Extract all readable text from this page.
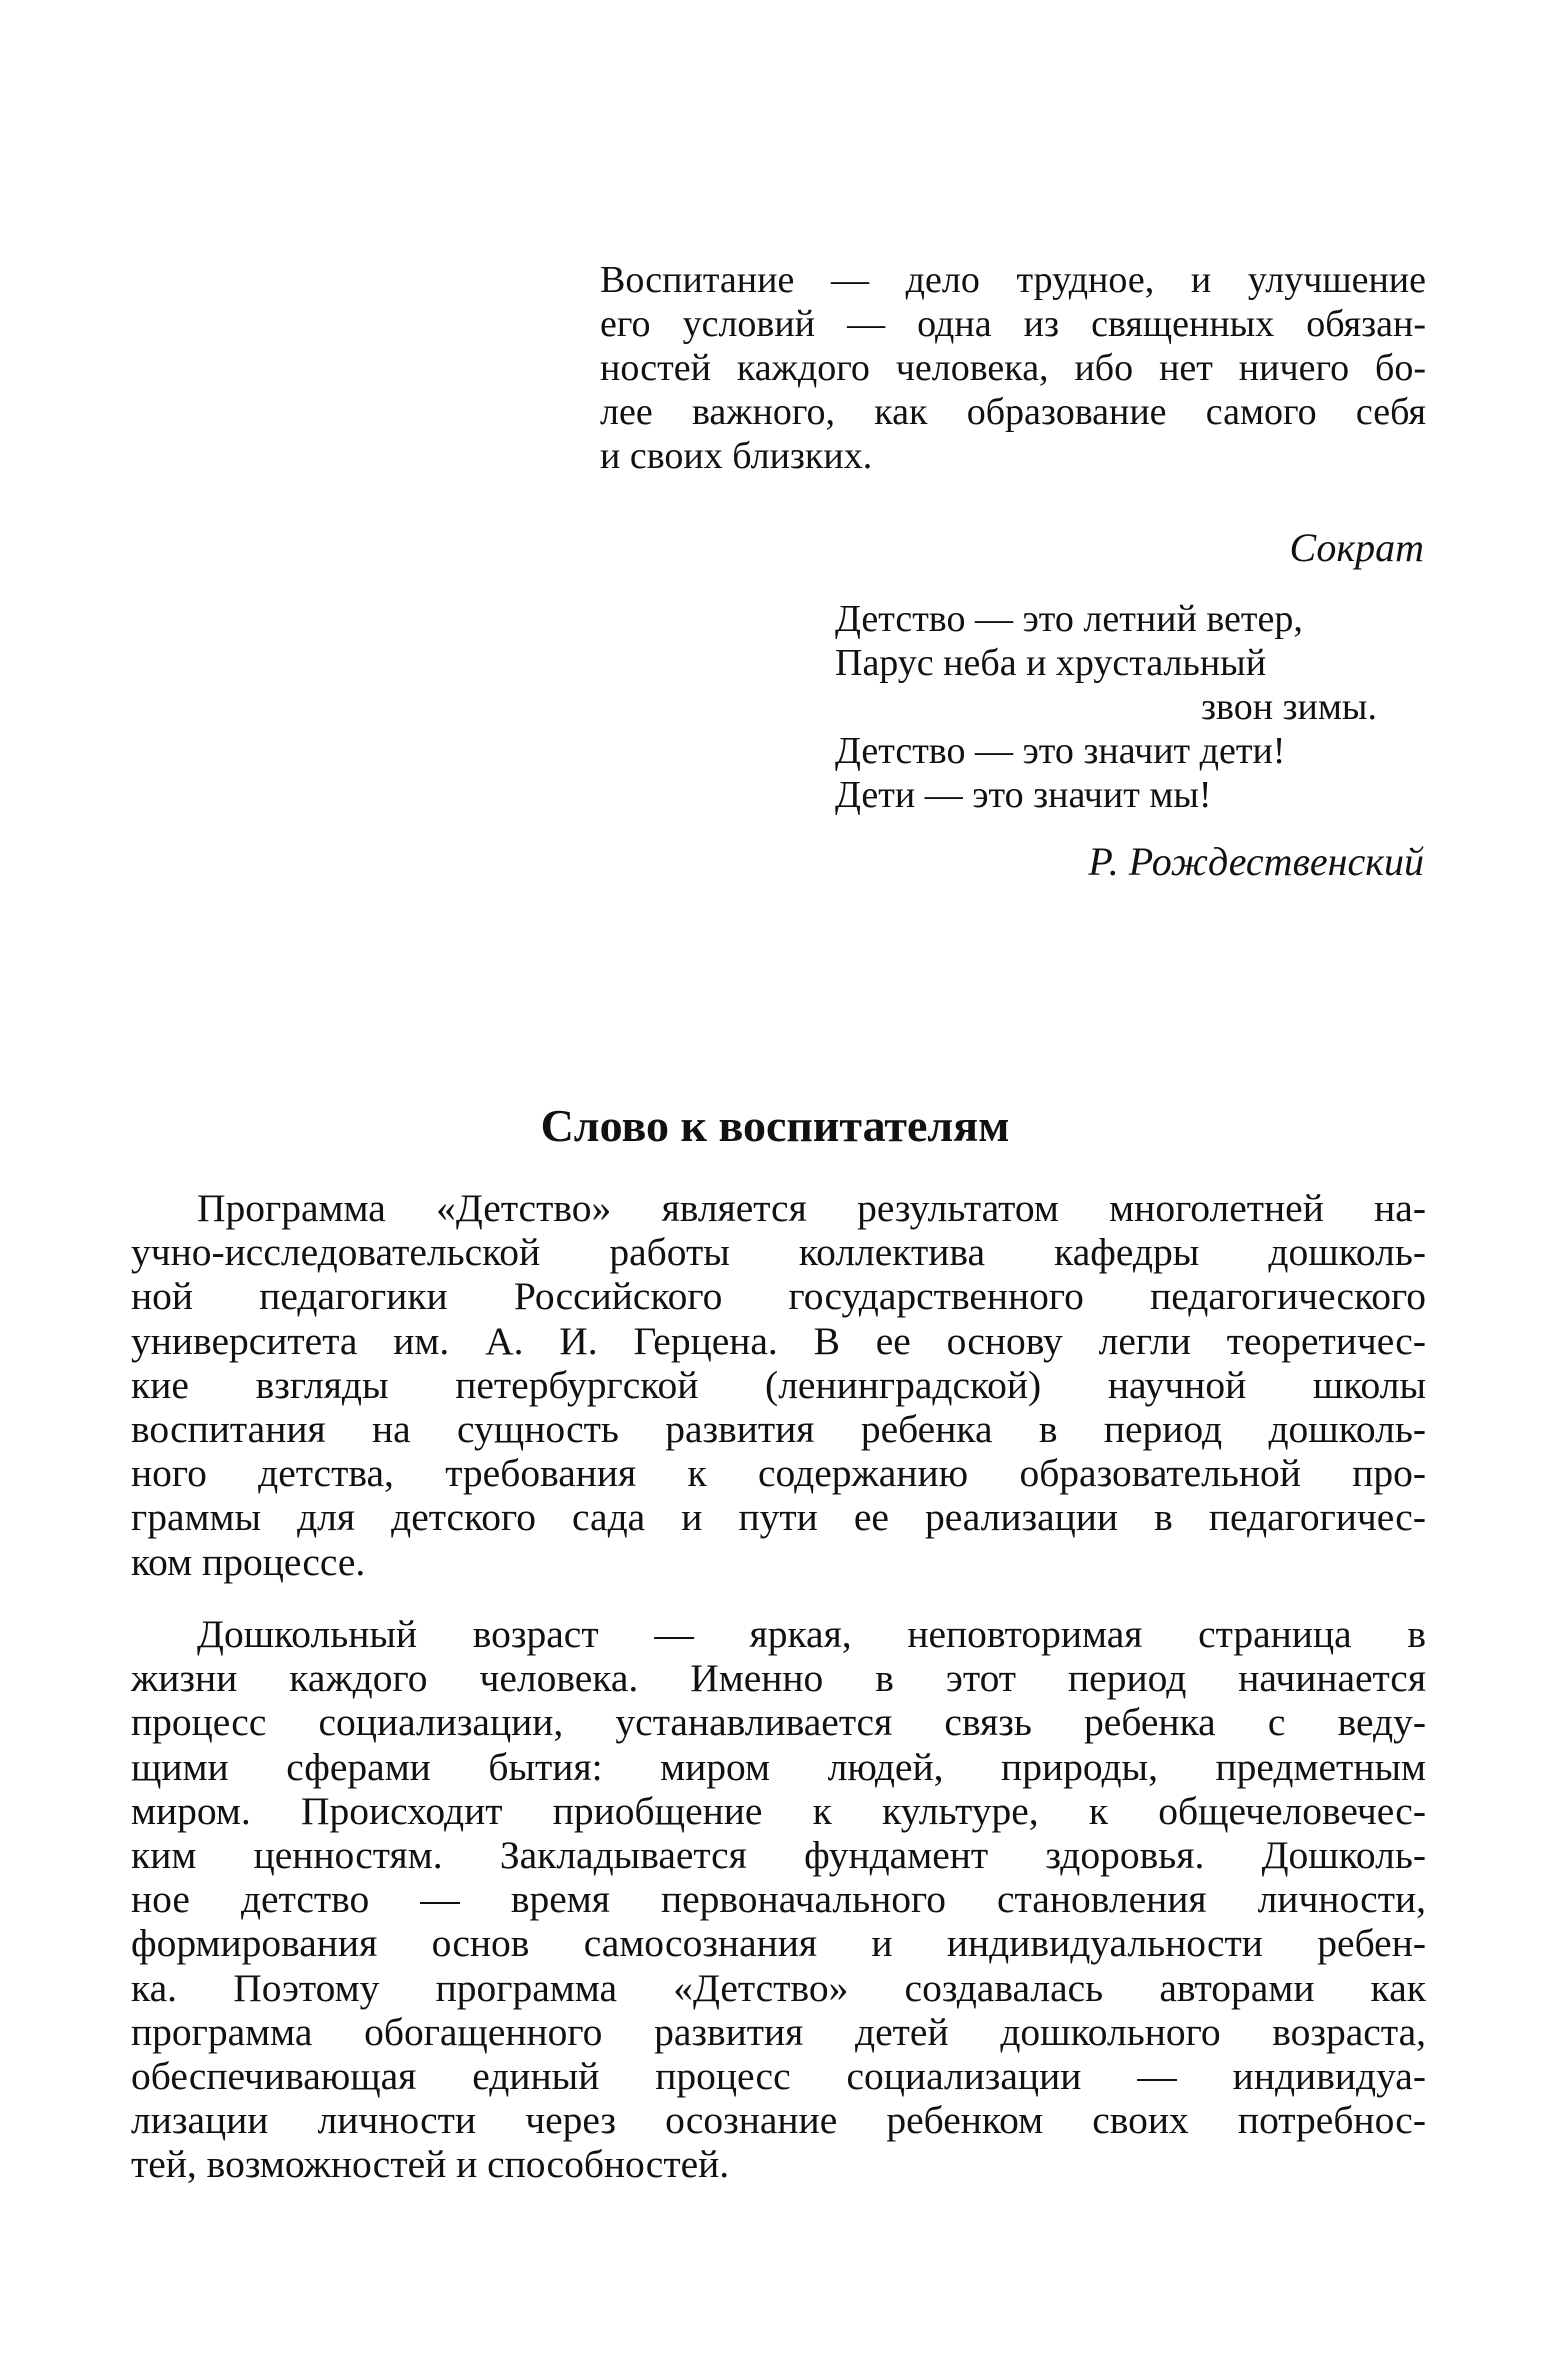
Воспитание — дело трудное, и улучшение
его условий — одна из священных обязан-
ностей каждого человека, ибо нет ничего бо-
лее важного, как образование самого себя
и своих близких.
Сократ
Детство — это летний ветер,
Парус неба и хрустальный
звон зимы.
Детство — это значит дети!
Дети — это значит мы!
Р. Рождественский
Слово к воспитателям
Программа «Детство» является результатом многолетней на-
учно-исследовательской работы коллектива кафедры дошколь-
ной педагогики Российского государственного педагогического
университета им. А. И. Герцена. В ее основу легли теоретичес-
кие взгляды петербургской (ленинградской) научной школы
воспитания на сущность развития ребенка в период дошколь-
ного детства, требования к содержанию образовательной про-
граммы для детского сада и пути ее реализации в педагогичес-
ком процессе.
Дошкольный возраст — яркая, неповторимая страница в
жизни каждого человека. Именно в этот период начинается
процесс социализации, устанавливается связь ребенка с веду-
щими сферами бытия: миром людей, природы, предметным
миром. Происходит приобщение к культуре, к общечеловечес-
ким ценностям. Закладывается фундамент здоровья. Дошколь-
ное детство — время первоначального становления личности,
формирования основ самосознания и индивидуальности ребен-
ка. Поэтому программа «Детство» создавалась авторами как
программа обогащенного развития детей дошкольного возраста,
обеспечивающая единый процесс социализации — индивидуа-
лизации личности через осознание ребенком своих потребнос-
тей, возможностей и способностей.
